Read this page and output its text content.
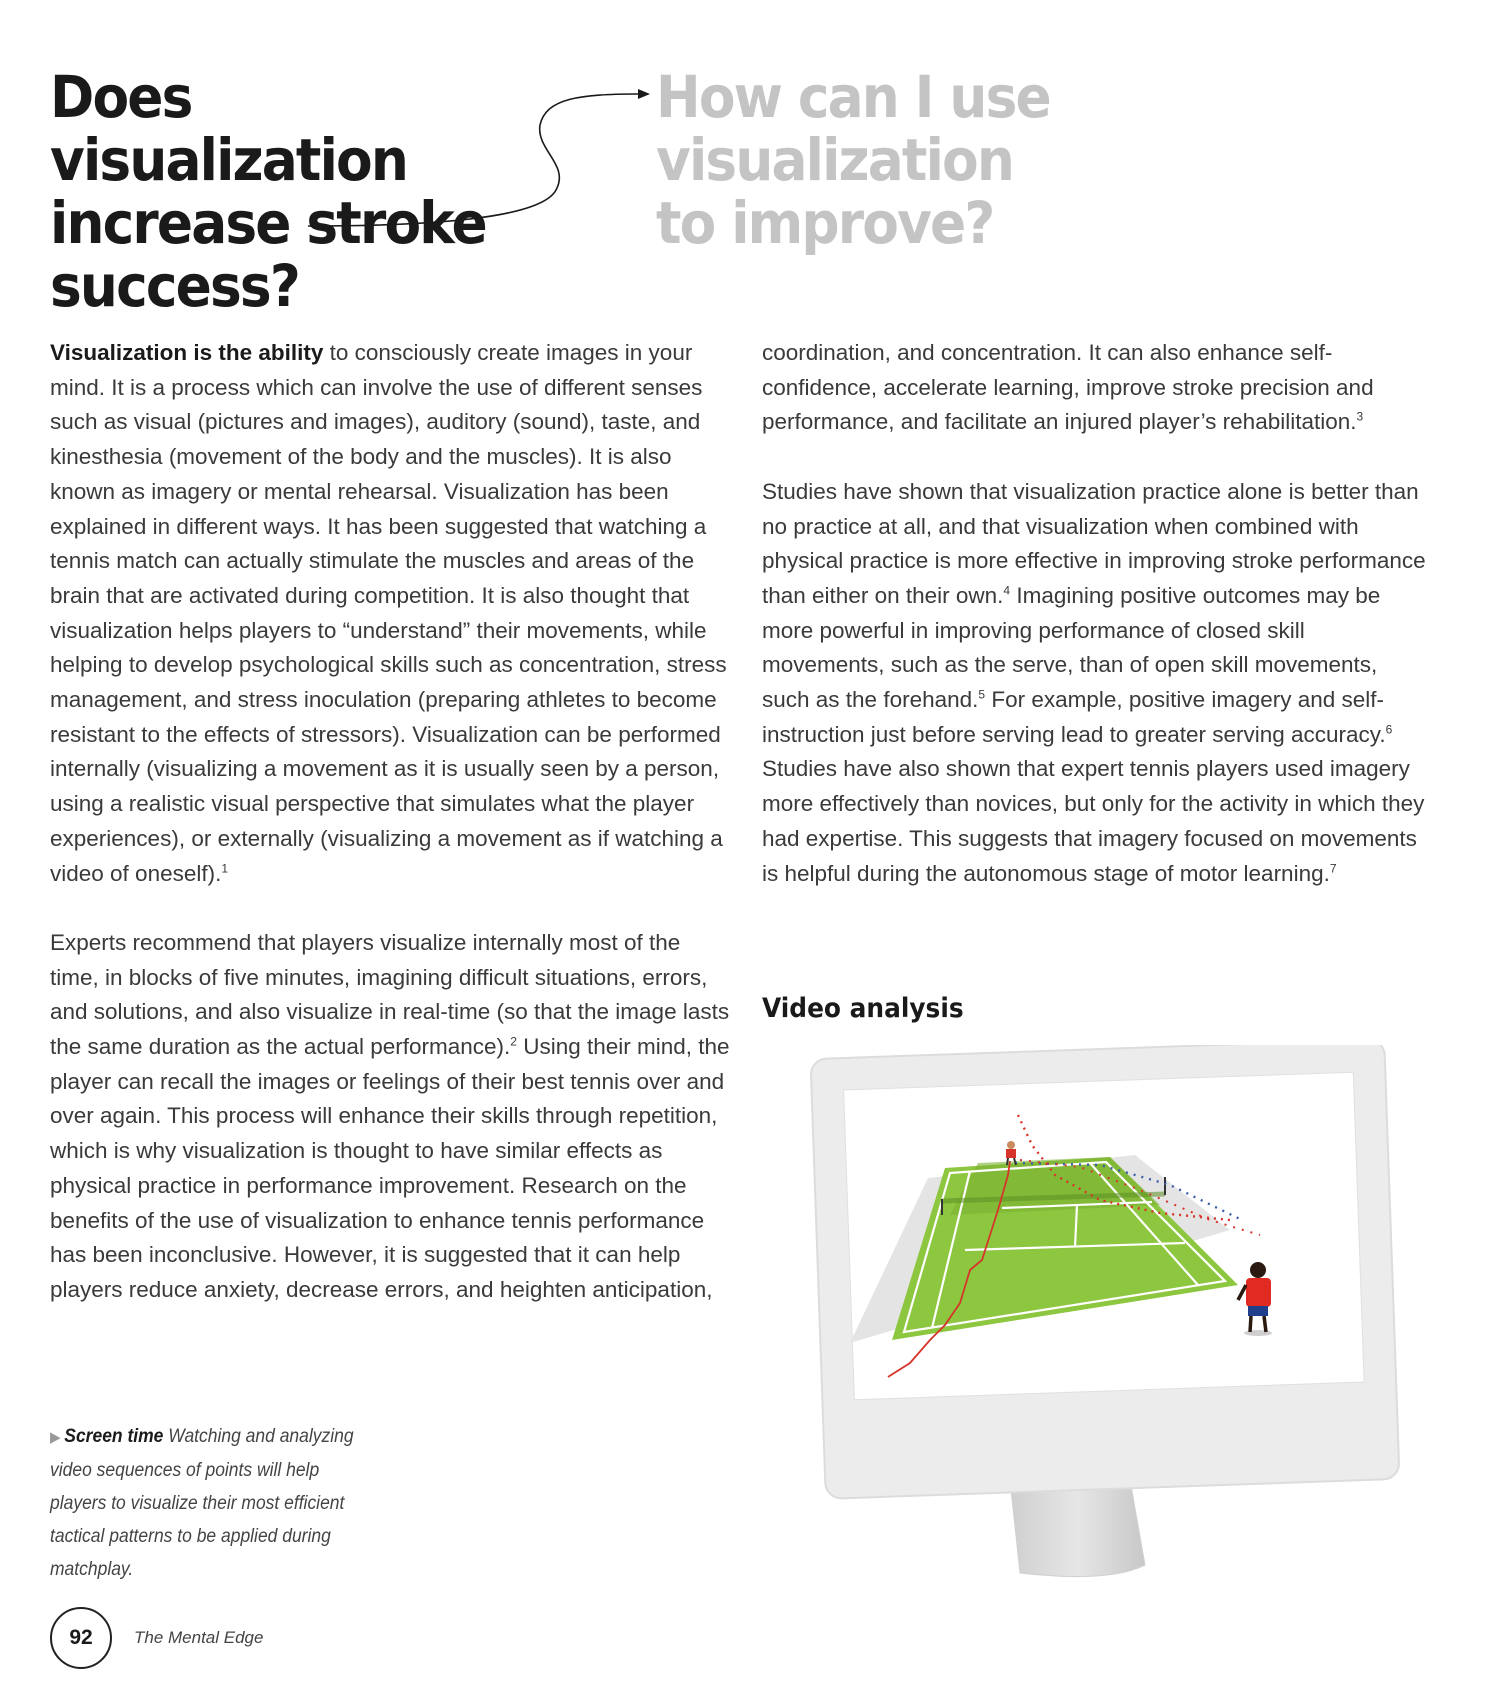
Does visualization increase stroke success?
How can I use visualization to improve?

Visualization is the ability to consciously create images in your mind. It is a process which can involve the use of different senses such as visual (pictures and images), auditory (sound), taste, and kinesthesia (movement of the body and the muscles). It is also known as imagery or mental rehearsal. Visualization has been explained in different ways. It has been suggested that watching a tennis match can actually stimulate the muscles and areas of the brain that are activated during competition. It is also thought that visualization helps players to “understand” their movements, while helping to develop psychological skills such as concentration, stress management, and stress inoculation (preparing athletes to become resistant to the effects of stressors). Visualization can be performed internally (visualizing a movement as it is usually seen by a person, using a realistic visual perspective that simulates what the player experiences), or externally (visualizing a movement as if watching a video of oneself).$^1$

Experts recommend that players visualize internally most of the time, in blocks of five minutes, imagining difficult situations, errors, and solutions, and also visualize in real-time (so that the image lasts the same duration as the actual performance).$^2$ Using their mind, the player can recall the images or feelings of their best tennis over and over again. This process will enhance their skills through repetition, which is why visualization is thought to have similar effects as physical practice in performance improvement. Research on the benefits of the use of visualization to enhance tennis performance has been inconclusive. However, it is suggested that it can help players reduce anxiety, decrease errors, and heighten anticipation,

coordination, and concentration. It can also enhance self-confidence, accelerate learning, improve stroke precision and performance, and facilitate an injured player’s rehabilitation.$^3$

Studies have shown that visualization practice alone is better than no practice at all, and that visualization when combined with physical practice is more effective in improving stroke performance than either on their own.$^4$ Imagining positive outcomes may be more powerful in improving performance of closed skill movements, such as the serve, than of open skill movements, such as the forehand.$^5$ For example, positive imagery and self-instruction just before serving lead to greater serving accuracy.$^6$ Studies have also shown that expert tennis players used imagery more effectively than novices, but only for the activity in which they had expertise. This suggests that imagery focused on movements is helpful during the autonomous stage of motor learning.$^7$

Video analysis
▶ Screen time Watching and analyzing video sequences of points will help players to visualize their most efficient tactical patterns to be applied during matchplay.
92	The Mental Edge
